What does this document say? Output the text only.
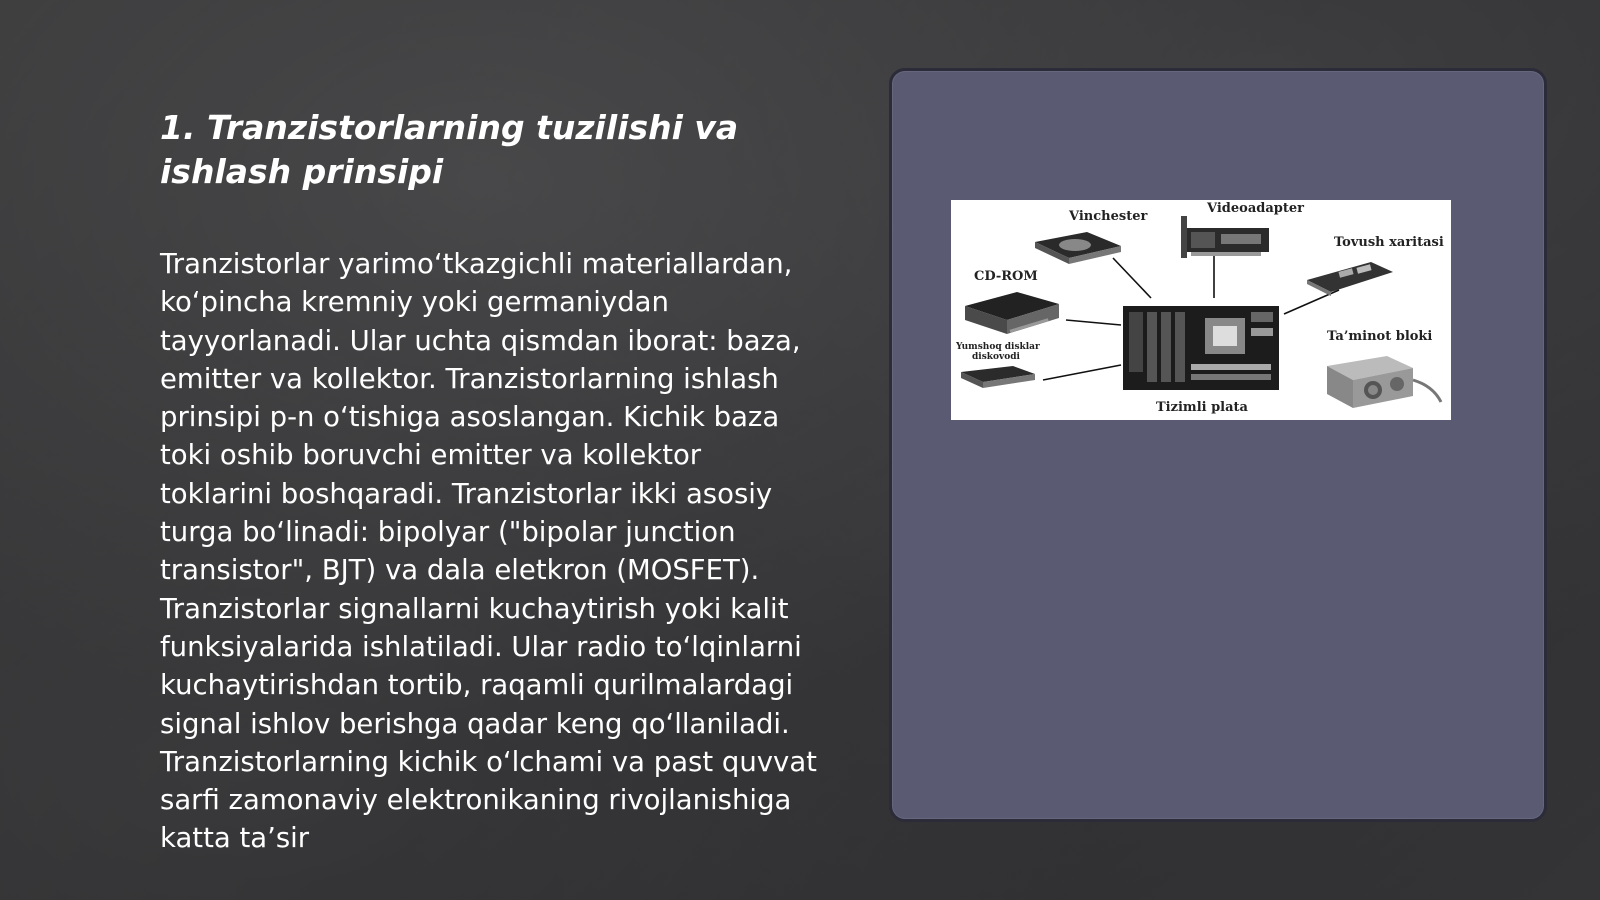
1. Tranzistorlarning tuzilishi va ishlash prinsipi

Tranzistorlar yarimo‘tkazgichli materiallardan, ko‘pincha kremniy yoki germaniydan tayyorlanadi. Ular uchta qismdan iborat: baza, emitter va kollektor. Tranzistorlarning ishlash prinsipi p-n o‘tishiga asoslangan. Kichik baza toki oshib boruvchi emitter va kollektor toklarini boshqaradi. Tranzistorlar ikki asosiy turga bo‘linadi: bipolyar ("bipolar junction transistor", BJT) va dala eletkron (MOSFET). Tranzistorlar signallarni kuchaytirish yoki kalit funksiyalarida ishlatiladi. Ular radio to‘lqinlarni kuchaytirishdan tortib, raqamli qurilmalardagi signal ishlov berishga qadar keng qo‘llaniladi. Tranzistorlarning kichik o‘lchami va past quvvat sarfi zamonaviy elektronikaning rivojlanishiga katta ta’sir

Vinchester
Videoadapter
Tovush xaritasi
CD-ROM
Yumshoq disklar
diskovodi
Ta’minot bloki
Tizimli plata
